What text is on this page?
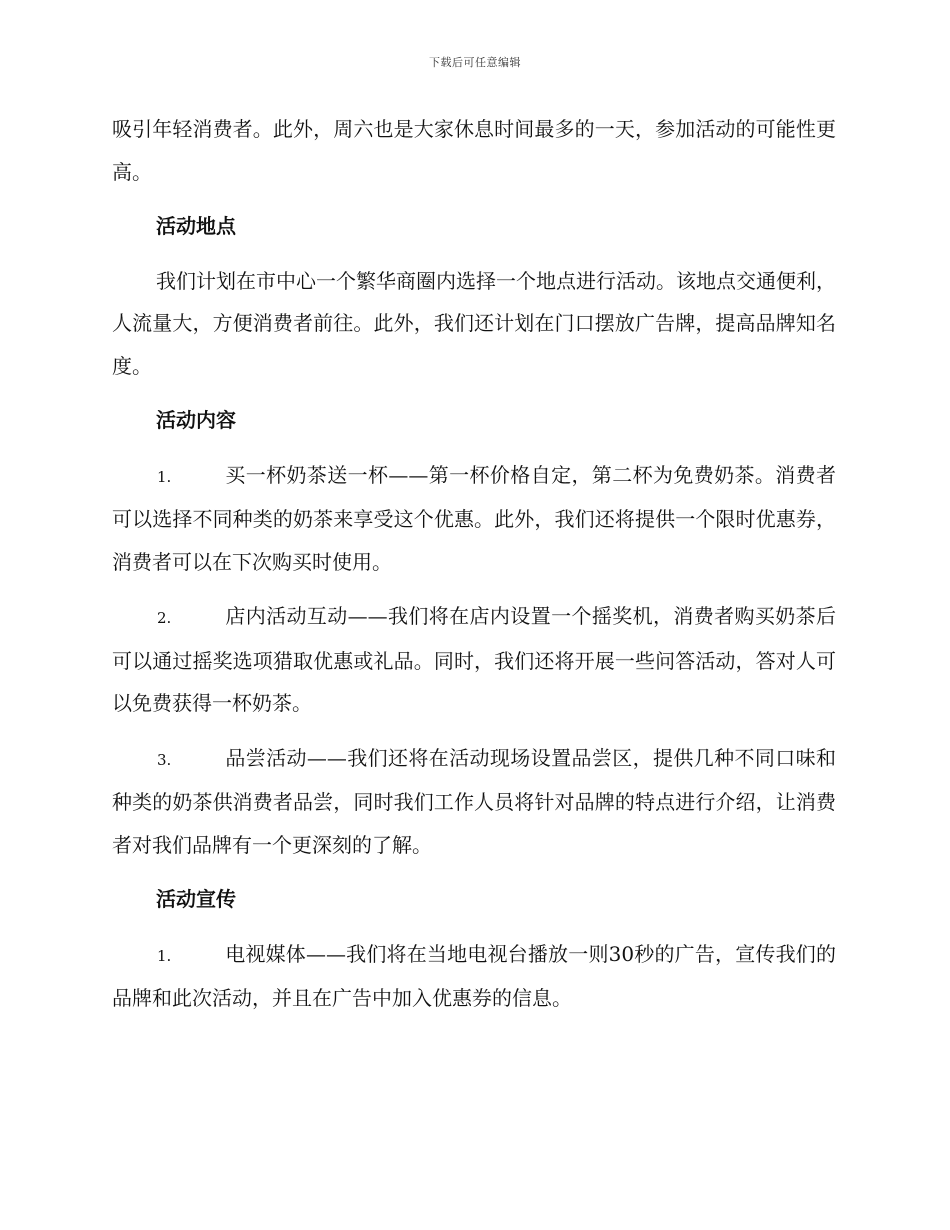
下载后可任意编辑

吸引年轻消费者。此外，周六也是大家休息时间最多的一天，参加活动的可能性更高。

活动地点

我们计划在市中心一个繁华商圈内选择一个地点进行活动。该地点交通便利，人流量大，方便消费者前往。此外，我们还计划在门口摆放广告牌，提高品牌知名度。

活动内容

1.	买一杯奶茶送一杯——第一杯价格自定，第二杯为免费奶茶。消费者可以选择不同种类的奶茶来享受这个优惠。此外，我们还将提供一个限时优惠券，消费者可以在下次购买时使用。

2.	店内活动互动——我们将在店内设置一个摇奖机，消费者购买奶茶后可以通过摇奖选项猎取优惠或礼品。同时，我们还将开展一些问答活动，答对人可以免费获得一杯奶茶。

3.	品尝活动——我们还将在活动现场设置品尝区，提供几种不同口味和种类的奶茶供消费者品尝，同时我们工作人员将针对品牌的特点进行介绍，让消费者对我们品牌有一个更深刻的了解。

活动宣传

1.	电视媒体——我们将在当地电视台播放一则30秒的广告，宣传我们的品牌和此次活动，并且在广告中加入优惠券的信息。
